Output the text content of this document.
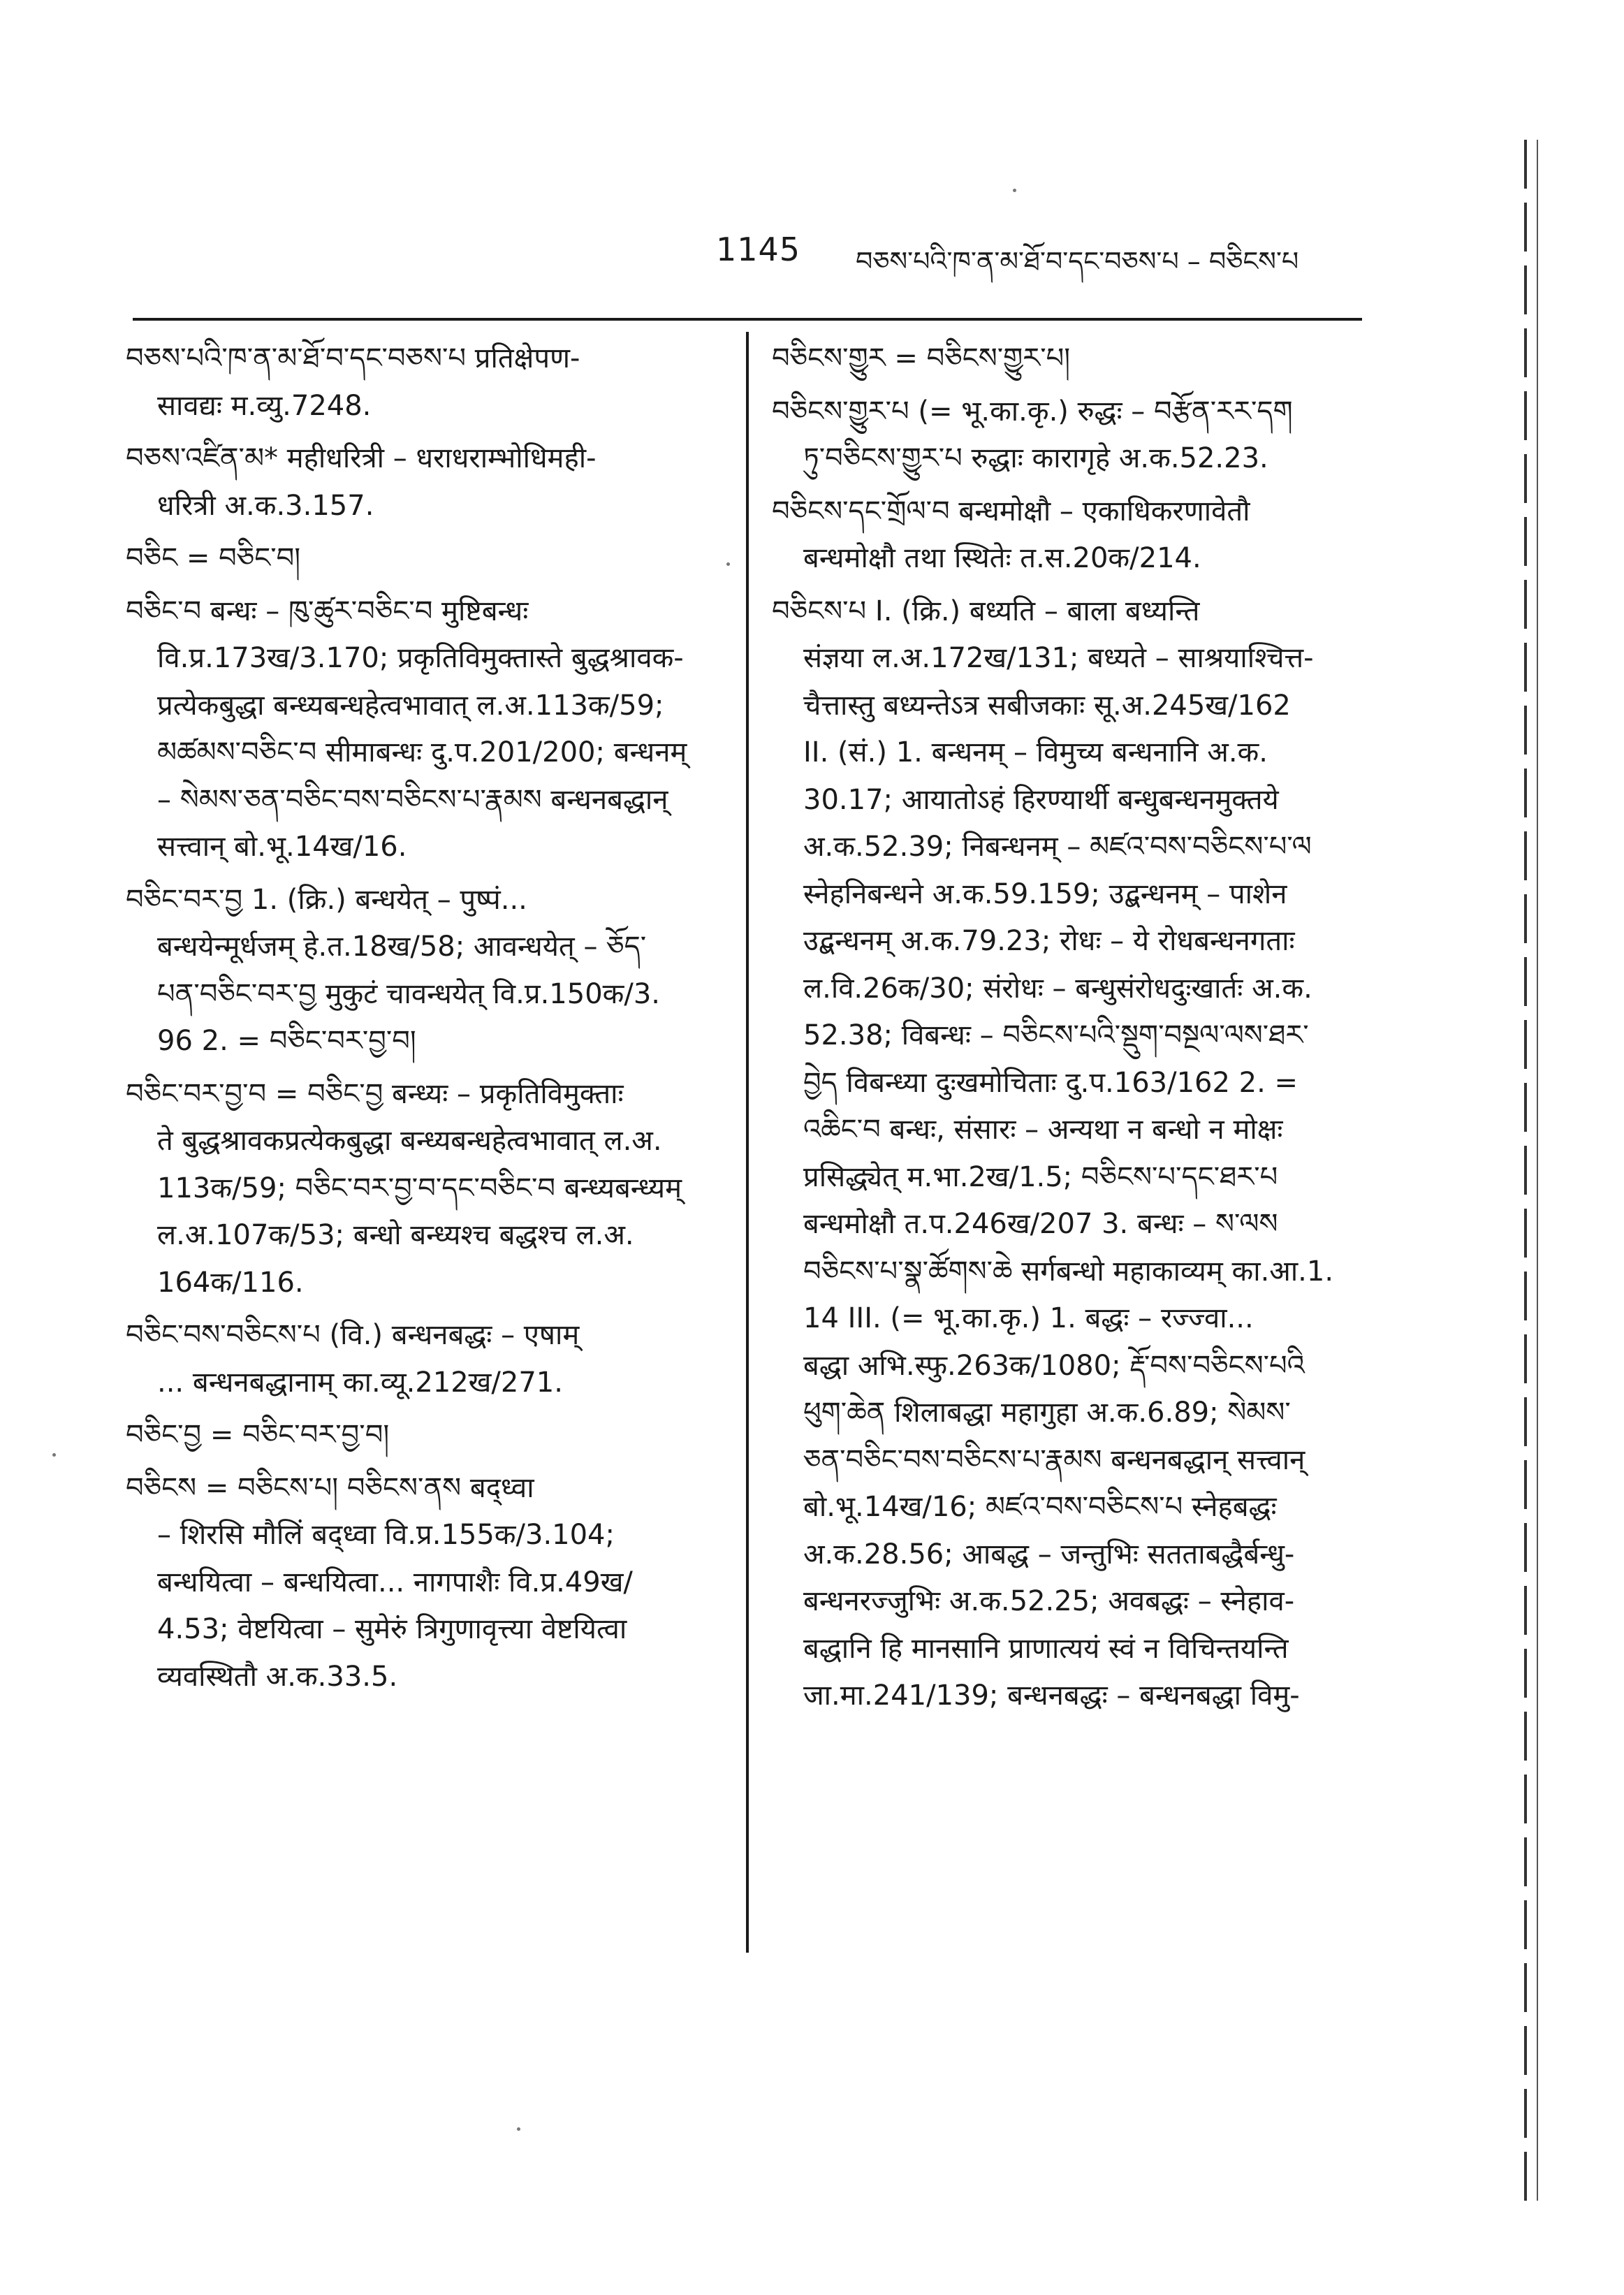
1145 བཅས་པའི་ཁ་ན་མ་ཐོ་བ་དང་བཅས་པ – བཅིངས་པ
བཅས་པའི་ཁ་ན་མ་ཐོ་བ་དང་བཅས་པ प्रतिक्षेपण-
सावद्यः म.व्यु.7248.
བཅས་འཛིན་མ* महीधरित्री – धराधराम्भोधिमही-
धरित्री अ.क.3.157.
བཅིང = བཅིང་བ།
བཅིང་བ बन्धः – ཁུ་ཚུར་བཅིང་བ मुष्टिबन्धः
वि.प्र.173ख/3.170; प्रकृतिविमुक्तास्ते बुद्धश्रावक-
प्रत्येकबुद्धा बन्ध्यबन्धहेत्वभावात् ल.अ.113क/59;
མཚམས་བཅིང་བ सीमाबन्धः दु.प.201/200; बन्धनम्
– སེམས་ཅན་བཅིང་བས་བཅིངས་པ་རྣམས बन्धनबद्धान्
सत्त्वान् बो.भू.14ख/16.
བཅིང་བར་བྱ 1. (क्रि.) बन्धयेत् – पुष्पं...
बन्धयेन्मूर्धजम् हे.त.18ख/58; आवन्धयेत् – ཅོད་
པན་བཅིང་བར་བྱ मुकुटं चावन्धयेत् वि.प्र.150क/3.
96 2. = བཅིང་བར་བྱ་བ།
བཅིང་བར་བྱ་བ = བཅིང་བྱ बन्ध्यः – प्रकृतिविमुक्ताः
ते बुद्धश्रावकप्रत्येकबुद्धा बन्ध्यबन्धहेत्वभावात् ल.अ.
113क/59; བཅིང་བར་བྱ་བ་དང་བཅིང་བ बन्ध्यबन्ध्यम्
ल.अ.107क/53; बन्धो बन्ध्यश्च बद्धश्च ल.अ.
164क/116.
བཅིང་བས་བཅིངས་པ (वि.) बन्धनबद्धः – एषाम्
... बन्धनबद्धानाम् का.व्यू.212ख/271.
བཅིང་བྱ = བཅིང་བར་བྱ་བ།
བཅིངས = བཅིངས་པ། བཅིངས་ནས बद्ध्वा
– शिरसि मौलिं बद्ध्वा वि.प्र.155क/3.104;
बन्धयित्वा – बन्धयित्वा... नागपाशैः वि.प्र.49ख/
4.53; वेष्टयित्वा – सुमेरुं त्रिगुणावृत्त्या वेष्टयित्वा
व्यवस्थितौ अ.क.33.5.
བཅིངས་གྱུར = བཅིངས་གྱུར་པ།
བཅིངས་གྱུར་པ (= भू.का.कृ.) रुद्धः – བརྩོན་རར་དག
ཏུ་བཅིངས་གྱུར་པ रुद्धाः कारागृहे अ.क.52.23.
བཅིངས་དང་གྲོལ་བ बन्धमोक्षौ – एकाधिकरणावेतौ
बन्धमोक्षौ तथा स्थितेः त.स.20क/214.
བཅིངས་པ I. (क्रि.) बध्यति – बाला बध्यन्ति
संज्ञया ल.अ.172ख/131; बध्यते – साश्रयाश्चित्त-
चैत्तास्तु बध्यन्तेऽत्र सबीजकाः सू.अ.245ख/162
II. (सं.) 1. बन्धनम् – विमुच्य बन्धनानि अ.क.
30.17; आयातोऽहं हिरण्यार्थी बन्धुबन्धनमुक्तये
अ.क.52.39; निबन्धनम् – མཛའ་བས་བཅིངས་པ་ལ
स्नेहनिबन्धने अ.क.59.159; उद्बन्धनम् – पाशेन
उद्बन्धनम् अ.क.79.23; रोधः – ये रोधबन्धनगताः
ल.वि.26क/30; संरोधः – बन्धुसंरोधदुःखार्तः अ.क.
52.38; विबन्धः – བཅིངས་པའི་སྡུག་བསྔལ་ལས་ཐར་
བྱེད विबन्ध्या दुःखमोचिताः दु.प.163/162 2. =
འཆིང་བ बन्धः, संसारः – अन्यथा न बन्धो न मोक्षः
प्रसिद्ध्येत् म.भा.2ख/1.5; བཅིངས་པ་དང་ཐར་པ
बन्धमोक्षौ त.प.246ख/207 3. बन्धः – ས་ལས
བཅིངས་པ་སྣ་ཚོགས་ཆེ सर्गबन्धो महाकाव्यम् का.आ.1.
14 III. (= भू.का.कृ.) 1. बद्धः – रज्ज्वा...
बद्धा अभि.स्फु.263क/1080; རྡོ་བས་བཅིངས་པའི
ཕུག་ཆེན शिलाबद्धा महागुहा अ.क.6.89; སེམས་
ཅན་བཅིང་བས་བཅིངས་པ་རྣམས बन्धनबद्धान् सत्त्वान्
बो.भू.14ख/16; མཛའ་བས་བཅིངས་པ स्नेहबद्धः
अ.क.28.56; आबद्ध – जन्तुभिः सतताबद्धैर्बन्धु-
बन्धनरज्जुभिः अ.क.52.25; अवबद्धः – स्नेहाव-
बद्धानि हि मानसानि प्राणात्ययं स्वं न विचिन्तयन्ति
जा.मा.241/139; बन्धनबद्धः – बन्धनबद्धा विमु-
